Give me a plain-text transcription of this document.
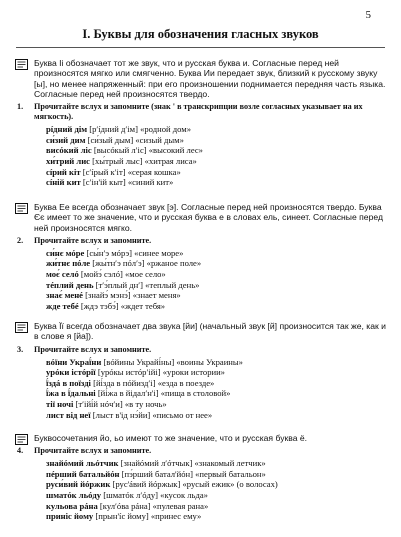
5
I. Буквы для обозначения гласных звуков
Буква Ii обозначает тот же звук, что и русская буква и. Согласные перед ней произносятся мягко или смягченно. Буква Ии передает звук, близкий к русскому звуку [ы], но менее напряженный: при его произношении поднимается передняя часть языка. Согласные перед ней произносятся твердо.
1. Прочитайте вслух и запомните (знак ' в транскрипции возле согласных указывает на их мягкость).
рíдний дім [рʹíдний дʹім] «родной дом»
си́зий дим [си́зый дым] «сизый дым»
висóкий ліс [высóкый лʹіс] «высокий лес»
хи́трий лис [хы́трый лыс] «хитрая лиса»
сíрий кіт [сʹíрый кʹіт] «серая кошка»
сíній кит [сʹін'ій кыт] «синий кит»
Буква Ee всегда обозначает звук [э]. Согласные перед ней произносятся твердо. Буква Єє имеет то же значение, что и русская буква е в словах ель, синеет. Согласные перед ней произносятся мягко.
2. Прочитайте вслух и запомните.
си́нє мóре [сы́нʹэ мóрэ] «синее море»
жи́тнє пóле [жы́тнʹэ пóлʹэ] «ржаное поле»
моє́ селó [мойэ́ сэлó] «мое село»
тéплий день [тʹэ́плый днʹ] «теплый день»
знає́ менé [знайэ́ мэнэ́] «знает меня»
жде тебé [ждэ тэбэ́] «ждет тебя»
Буква Її всегда обозначает два звука [йи] (начальный звук [й] произносится так же, как и в слове я [йа]).
3. Прочитайте вслух и запомните.
вóїни Украї́ни [вóйины Украйі́ны] «воины Украины»
урóки істóрії [урóкы истóрʹійі] «уроки истории»
ї́здá в поїзді [йі́зда в пóйиздʹі] «езда в поезде»
ї́жа в ї́дальні [йі́жа в йідалʹн'і] «пища в столовой»
тії ночі [тʹійі́й нóчʹи] «в ту ночь»
лист від неї [лыст в'ід нэ́йи] «письмо от нее»
Буквосочетания йо, ьо имеют то же значение, что и русская буква ё.
4. Прочитайте вслух и запомните.
знайóмий льóтчик [знайóмий лʹóтчык] «знакомый летчик»
пéрший батальйóн [пэ́рший батал'йóн] «первый батальон»
руси́вий йóржик [рус'áвий йóржык] «русый ежик» (о волосах)
шматóк льóду [шматóк лʹóду] «кусок льда»
кульова рáна [кулʹóва рáна] «пулевая рана»
приніс йому [прын'íс йому] «принес ему»
